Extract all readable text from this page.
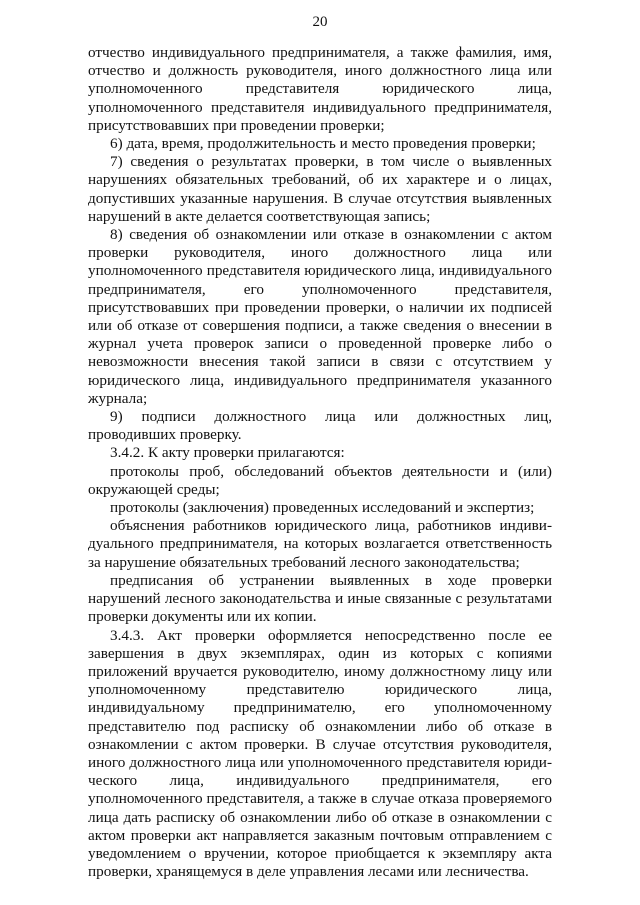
20

отчество индивидуального предпринимателя, а также фамилия, имя, отчество и должность руководителя, иного должностного лица или уполномоченного представителя юридического лица, уполномоченного представителя индивидуального предпринимателя, присутствовавших при проведении проверки;

6) дата, время, продолжительность и место проведения проверки;

7) сведения о результатах проверки, в том числе о выявленных нарушениях обязательных требований, об их характере и о лицах, допустивших указанные нарушения. В случае отсутствия выявленных нарушений в акте делается соответствующая запись;

8) сведения об ознакомлении или отказе в ознакомлении с актом проверки руководителя, иного должностного лица или уполномоченного представителя юридического лица, индивидуального предпринимателя, его уполномоченного представителя, присутствовавших при проведении проверки, о наличии их подписей или об отказе от совершения подписи, а также сведения о внесении в журнал учета проверок записи о проведенной проверке либо о невозможности внесения такой записи в связи с отсутствием у юридического лица, индивидуального предпринимателя указанного журнала;

9) подписи должностного лица или должностных лиц, проводивших проверку.

3.4.2. К акту проверки прилагаются:

протоколы проб, обследований объектов деятельности и (или) окружающей среды;

протоколы (заключения) проведенных исследований и экспертиз;

объяснения работников юридического лица, работников индивидуального предпринимателя, на которых возлагается ответственность за нарушение обязательных требований лесного законодательства;

предписания об устранении выявленных в ходе проверки нарушений лесного законодательства и иные связанные с результатами проверки документы или их копии.

3.4.3. Акт проверки оформляется непосредственно после ее завершения в двух экземплярах, один из которых с копиями приложений вручается руководителю, иному должностному лицу или уполномоченному представителю юридического лица, индивидуальному предпринимателю, его уполномоченному представителю под расписку об ознакомлении либо об отказе в ознакомлении с актом проверки. В случае отсутствия руководителя, иного должностного лица или уполномоченного представителя юридического лица, индивидуального предпринимателя, его уполномоченного представителя, а также в случае отказа проверяемого лица дать расписку об ознакомлении либо об отказе в ознакомлении с актом проверки акт направляется заказным почтовым отправлением с уведомлением о вручении, которое приобщается к экземпляру акта проверки, хранящемуся в деле управления лесами или лесничества.
